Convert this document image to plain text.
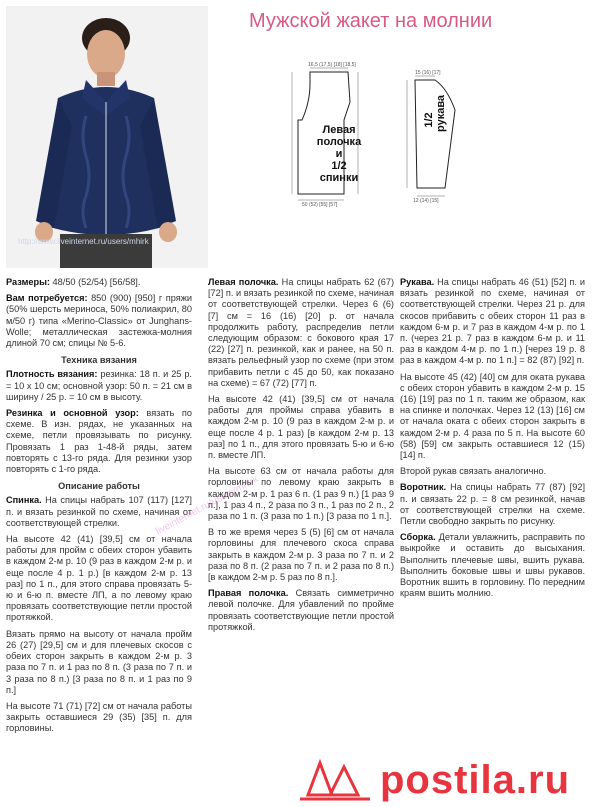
http://www.liveinternet.ru/users/mhirk
Мужской жакет на молнии
16,5 (17,5) [18] [18,5]
50 (52) [55] [57]
Левая
полочка
и
1/2
спинки
15 (16) [17]
12 (14) [15]
1/2 рукава

Размеры: 48/50 (52/54) [56/58].

Вам потребуется: 850 (900) [950] г пряжи (50% шерсть мериноса, 50% полиакрил, 80 м/50 г) типа «Merino-Classic» от Junghans-Wolle; металлическая застежка-молния длиной 70 см; спицы № 5-6.

Техника вязания

Плотность вязания: резинка: 18 п. и 25 р. = 10 х 10 см; основной узор: 50 п. = 21 см в ширину / 25 р. = 10 см в высоту.

Резинка и основной узор: вязать по схеме. В изн. рядах, не указанных на схеме, петли провязывать по рисунку. Провязать 1 раз 1-48-й ряды, затем повторять с 13-го ряда. Для резинки узор повторять с 1-го ряда.

Описание работы

Спинка. На спицы набрать 107 (117) [127] п. и вязать резинкой по схеме, начиная от соответствующей стрелки.

На высоте 42 (41) [39,5] см от начала работы для пройм с обеих сторон убавить в каждом 2-м р. 10 (9 раз в каждом 2-м р. и еще после 4 р. 1 р.) [в каждом 2-м р. 13 раз] по 1 п., для этого справа провязать 5-ю и 6-ю п. вместе ЛП, а по левому краю провязать соответствующие петли простой протяжкой.

Вязать прямо на высоту от начала пройм 26 (27) [29,5] см и для плечевых скосов с обеих сторон закрыть в каждом 2-м р. 3 раза по 7 п. и 1 раз по 8 п. (3 раза по 7 п. и 3 раза по 8 п.) [3 раза по 8 п. и 1 раз по 9 п.]

На высоте 71 (71) [72] см от начала работы закрыть оставшиеся 29 (35) [35] п. для горловины.

Левая полочка. На спицы набрать 62 (67) [72] п. и вязать резинкой по схеме, начиная от соответствующей стрелки. Через 6 (6) [7] см = 16 (16) [20] р. от начала продолжить работу, распределив петли следующим образом: с бокового края 17 (22) [27] п. резинкой, как и ранее, на 50 п. вязать рельефный узор по схеме (при этом прибавить петли с 45 до 50, как показано на схеме) = 67 (72) [77] п.

На высоте 42 (41) [39,5] см от начала работы для проймы справа убавить в каждом 2-м р. 10 (9 раз в каждом 2-м р. и еще после 4 р. 1 раз) [в каждом 2-м р. 13 раз] по 1 п., для этого провязать 5-ю и 6-ю п. вместе ЛП.

На высоте 63 см от начала работы для горловины по левому краю закрыть в каждом 2-м р. 1 раз 6 п. (1 раз 9 п.) [1 раз 9 п.], 1 раз 4 п., 2 раза по 3 п., 1 раз по 2 п., 2 раза по 1 п. (3 раза по 1 п.) [3 раза по 1 п.].

В то же время через 5 (5) [6] см от начала горловины для плечевого скоса справа закрыть в каждом 2-м р. 3 раза по 7 п. и 2 раза по 8 п. (2 раза по 7 п. и 2 раза по 8 п.) [в каждом 2-м р. 5 раз по 8 п.].

Правая полочка. Связать симметрично левой полочке. Для убавлений по пройме провязать соответствующие петли простой протяжкой.

Рукава. На спицы набрать 46 (51) [52] п. и вязать резинкой по схеме, начиная от соответствующей стрелки. Через 21 р. для скосов прибавить с обеих сторон 11 раз в каждом 6-м р. и 7 раз в каждом 4-м р. по 1 п. (через 21 р. 7 раз в каждом 6-м р. и 11 раз в каждом 4-м р. по 1 п.) [через 19 р. 8 раз в каждом 4-м р. по 1 п.] = 82 (87) [92] п.

На высоте 45 (42) [40] см для оката рукава с обеих сторон убавить в каждом 2-м р. 15 (16) [19] раз по 1 п. таким же образом, как на спинке и полочках. Через 12 (13) [16] см от начала оката с обеих сторон закрыть в каждом 2-м р. 4 раза по 5 п. На высоте 60 (58) [59] см закрыть оставшиеся 12 (15) [14] п.

Второй рукав связать аналогично.

Воротник. На спицы набрать 77 (87) [92] п. и связать 22 р. = 8 см резинкой, начав от соответствующей стрелки на схеме. Петли свободно закрыть по рисунку.

Сборка. Детали увлажнить, расправить по выкройке и оставить до высыхания. Выполнить плечевые швы, вшить рукава. Выполнить боковые швы и швы рукавов. Воротник вшить в горловину. По передним краям вшить молнию.

liveinternet.ru/users/mhirk
postila.ru
